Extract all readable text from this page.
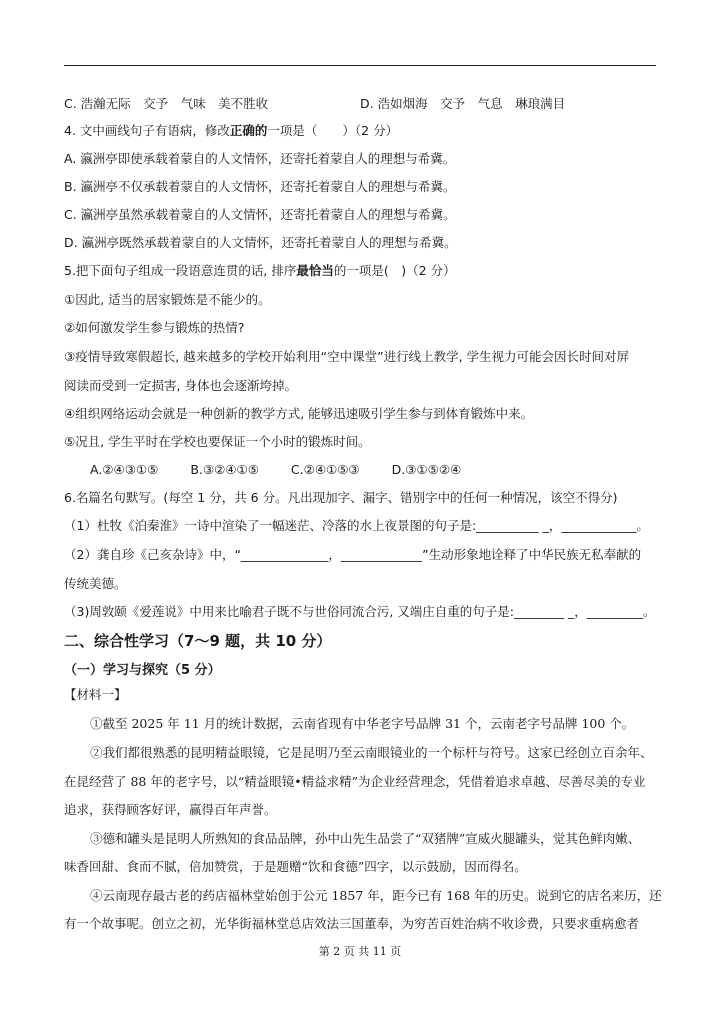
C. 浩瀚无际　交予　气味　美不胜收	D. 浩如烟海　交予　气息　琳琅满目
4. 文中画线句子有语病，修改正确的一项是（　　）（2 分）
A. 瀛洲亭即使承载着蒙自的人文情怀，还寄托着蒙自人的理想与希冀。
B. 瀛洲亭不仅承载着蒙自的人文情怀，还寄托着蒙自人的理想与希冀。
C. 瀛洲亭虽然承载着蒙自的人文情怀，还寄托着蒙自人的理想与希冀。
D. 瀛洲亭既然承载着蒙自的人文情怀，还寄托着蒙自人的理想与希冀。
5.把下面句子组成一段语意连贯的话, 排序最恰当的一项是(　)（2 分）
①因此, 适当的居家锻炼是不能少的。
②如何激发学生参与锻炼的热情?
③疫情导致寒假超长, 越来越多的学校开始利用“空中课堂”进行线上教学, 学生视力可能会因长时间对屏
阅读而受到一定损害, 身体也会逐渐垮掉。
④组织网络运动会就是一种创新的教学方式, 能够迅速吸引学生参与到体育锻炼中来。
⑤况且, 学生平时在学校也要保证一个小时的锻炼时间。
A.②④③①⑤	B.③②④①⑤	C.②④①⑤③	D.③①⑤②④
6.名篇名句默写。(每空 1 分，共 6 分。凡出现加字、漏字、错别字中的任何一种情况，该空不得分)
（1）杜牧《泊秦淮》一诗中渲染了一幅迷茫、冷落的水上夜景图的句子是:__________ _，____________。
（2）龚自珍《己亥杂诗》中，“______________，_____________”生动形象地诠释了中华民族无私奉献的
传统美德。
（3)周敦颐《爱莲说》中用来比喻君子既不与世俗同流合污, 又端庄自重的句子是:________ _，_________。
二、综合性学习（7～9 题，共 10 分）
（一）学习与探究（5 分）
【材料一】
①截至 2025 年 11 月的统计数据，云南省现有中华老字号品牌 31 个，云南老字号品牌 100 个。
②我们都很熟悉的昆明精益眼镜，它是昆明乃至云南眼镜业的一个标杆与符号。这家已经创立百余年、
在昆经营了 88 年的老字号，以“精益眼镜•精益求精”为企业经营理念，凭借着追求卓越、尽善尽美的专业
追求，获得顾客好评，赢得百年声誉。
③德和罐头是昆明人所熟知的食品品牌，孙中山先生品尝了“双猪牌”宣威火腿罐头，觉其色鲜肉嫩、
味香回甜、食而不腻，倍加赞赏，于是题赠“饮和食德”四字，以示鼓励，因而得名。
④云南现存最古老的药店福林堂始创于公元 1857 年，距今已有 168 年的历史。说到它的店名来历，还
有一个故事呢。创立之初，光华街福林堂总店效法三国董奉，为穷苦百姓治病不收诊费，只要求重病愈者
第 2 页 共 11 页
